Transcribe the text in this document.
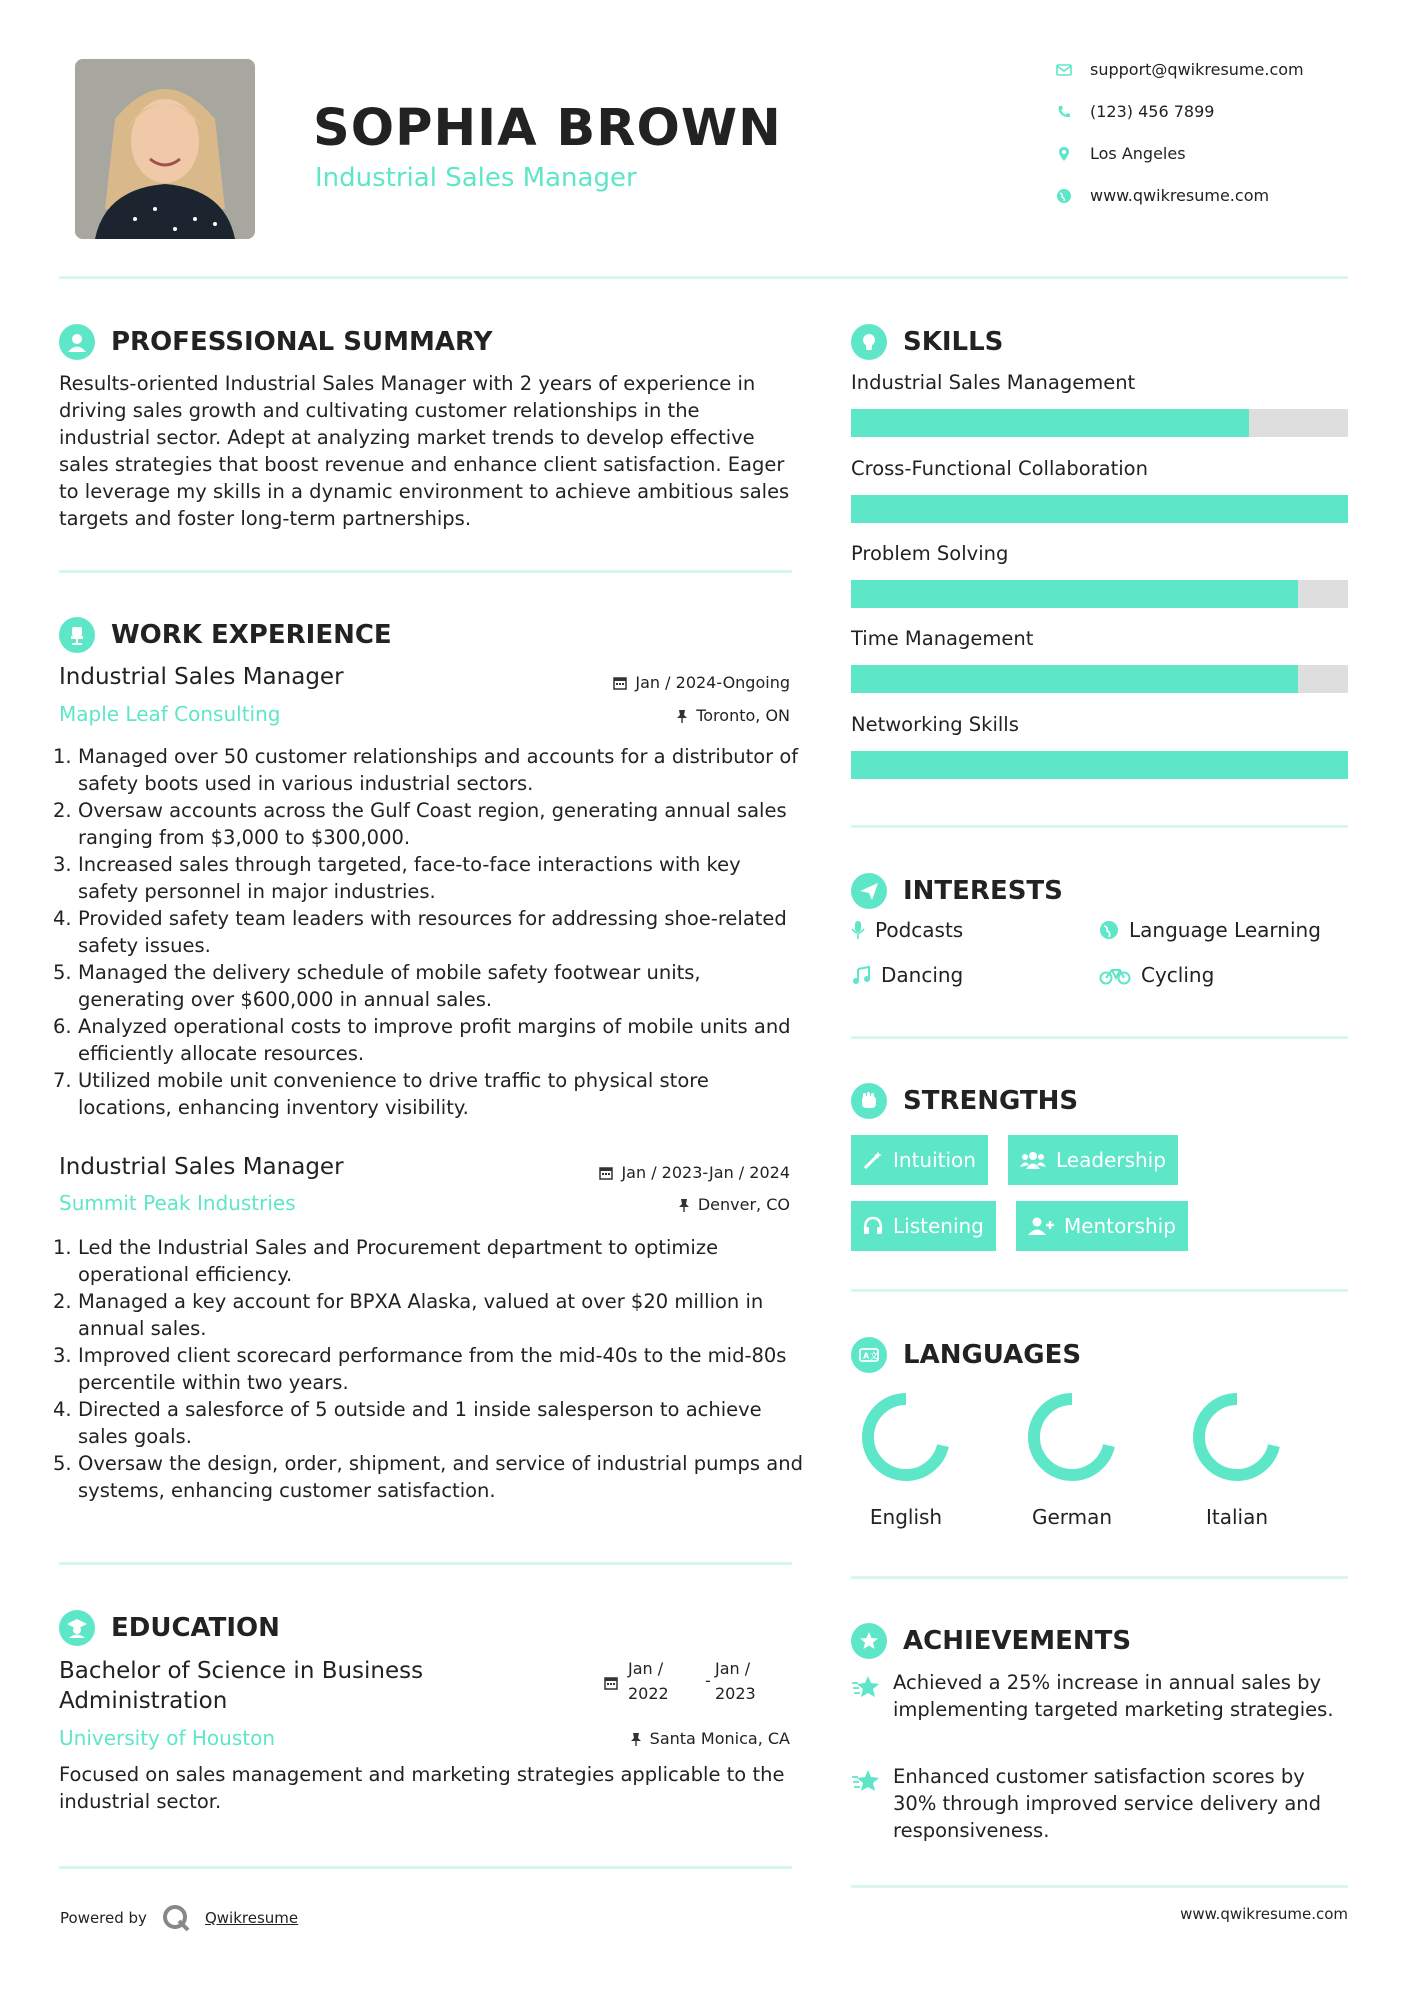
SOPHIA BROWN
Industrial Sales Manager
support@qwikresume.com
(123) 456 7899
Los Angeles
www.qwikresume.com
PROFESSIONAL SUMMARY
Results-oriented Industrial Sales Manager with 2 years of experience in driving sales growth and cultivating customer relationships in the industrial sector. Adept at analyzing market trends to develop effective sales strategies that boost revenue and enhance client satisfaction. Eager to leverage my skills in a dynamic environment to achieve ambitious sales targets and foster long-term partnerships.
WORK EXPERIENCE
Industrial Sales Manager	Jan / 2024-Ongoing
Maple Leaf Consulting	Toronto, ON
1. Managed over 50 customer relationships and accounts for a distributor of safety boots used in various industrial sectors.
2. Oversaw accounts across the Gulf Coast region, generating annual sales ranging from $3,000 to $300,000.
3. Increased sales through targeted, face-to-face interactions with key safety personnel in major industries.
4. Provided safety team leaders with resources for addressing shoe-related safety issues.
5. Managed the delivery schedule of mobile safety footwear units, generating over $600,000 in annual sales.
6. Analyzed operational costs to improve profit margins of mobile units and efficiently allocate resources.
7. Utilized mobile unit convenience to drive traffic to physical store locations, enhancing inventory visibility.
Industrial Sales Manager	Jan / 2023-Jan / 2024
Summit Peak Industries	Denver, CO
1. Led the Industrial Sales and Procurement department to optimize operational efficiency.
2. Managed a key account for BPXA Alaska, valued at over $20 million in annual sales.
3. Improved client scorecard performance from the mid-40s to the mid-80s percentile within two years.
4. Directed a salesforce of 5 outside and 1 inside salesperson to achieve sales goals.
5. Oversaw the design, order, shipment, and service of industrial pumps and systems, enhancing customer satisfaction.
EDUCATION
Bachelor of Science in Business Administration
Jan /
2022
-
Jan /
2023
University of Houston	Santa Monica, CA
Focused on sales management and marketing strategies applicable to the industrial sector.
SKILLS
Industrial Sales Management
Cross-Functional Collaboration
Problem Solving
Time Management
Networking Skills
INTERESTS
Podcasts	Language Learning
Dancing	Cycling
STRENGTHS
Intuition	Leadership
Listening	Mentorship
A 文 LANGUAGES
English	German	Italian
ACHIEVEMENTS
Achieved a 25% increase in annual sales by implementing targeted marketing strategies.
Enhanced customer satisfaction scores by 30% through improved service delivery and responsiveness.
Powered by	Qwikresume	www.qwikresume.com
